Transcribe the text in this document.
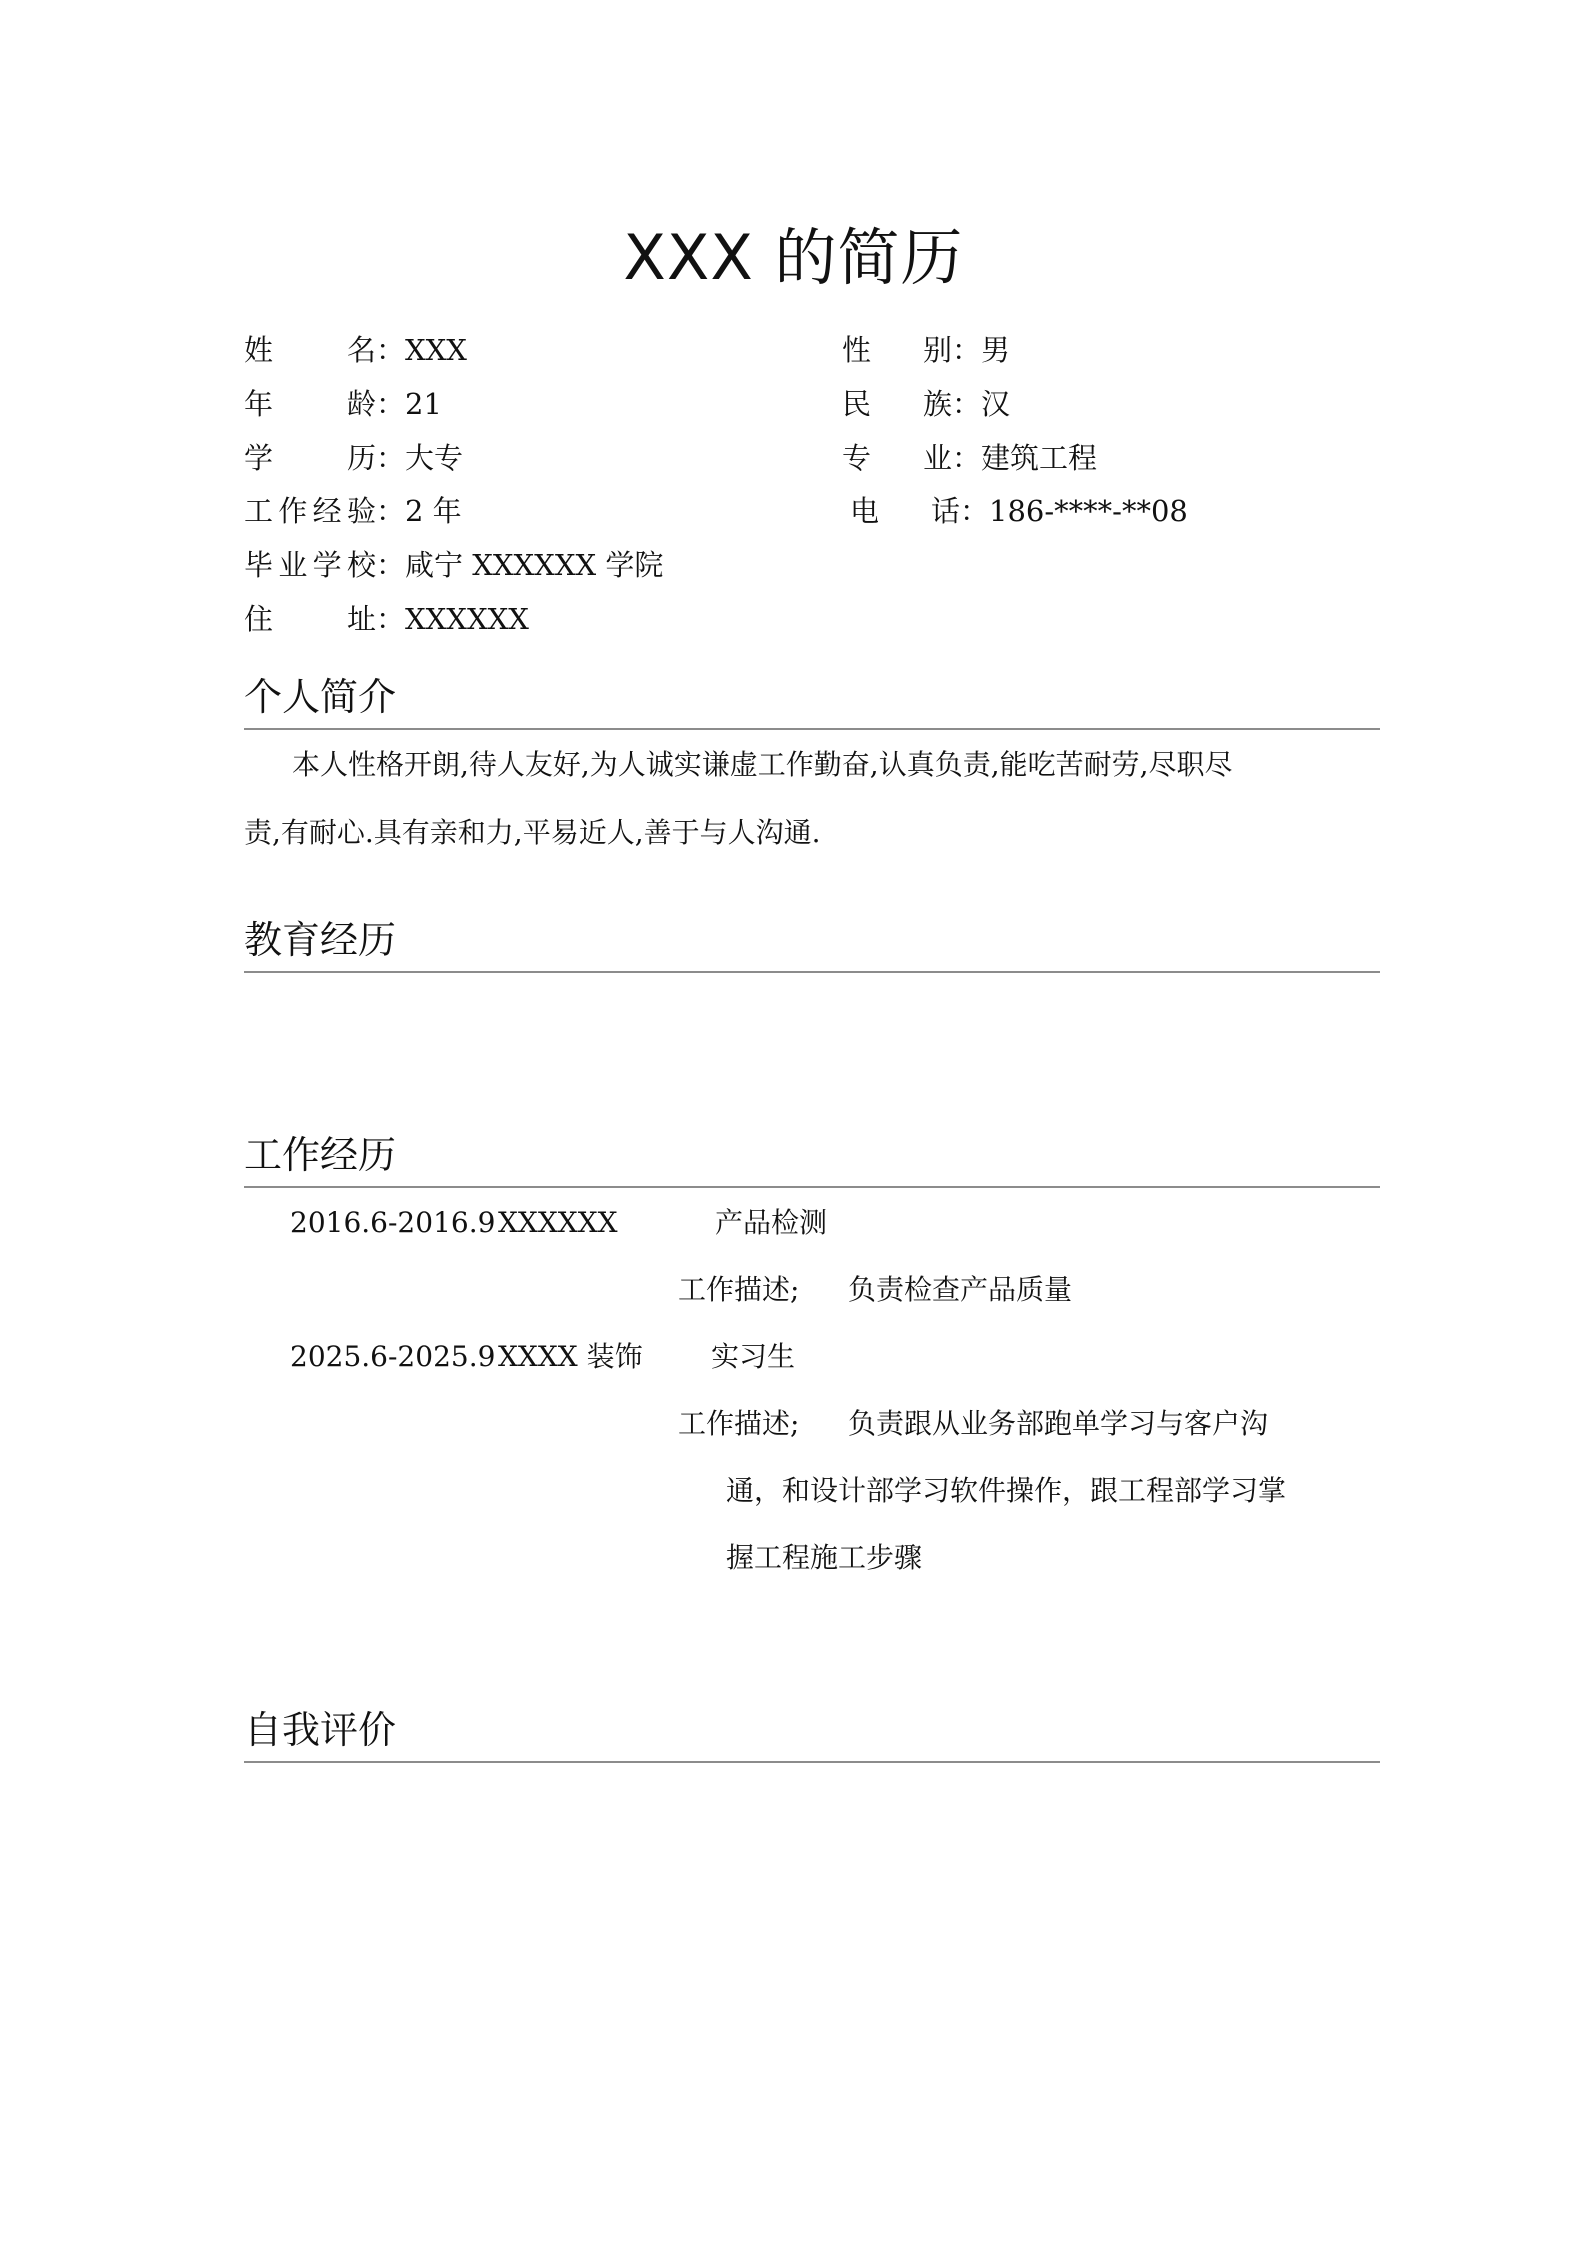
XXX 的简历
姓名：XXX
年龄：21
学历：大专
工作经验：2 年
毕业学校：咸宁 XXXXXX 学院
住址：XXXXXX
性别：男
民族：汉
专业：建筑工程
电话：186-****-**08
个人简介
本人性格开朗,待人友好,为人诚实谦虚工作勤奋,认真负责,能吃苦耐劳,尽职尽
责,有耐心.具有亲和力,平易近人,善于与人沟通.
教育经历
工作经历
2016.6-2016.9 XXXXXX	产品检测
工作描述; 负责检查产品质量
2025.6-2025.9 XXXX 装饰 实习生
工作描述; 负责跟从业务部跑单学习与客户沟
通，和设计部学习软件操作，跟工程部学习掌
握工程施工步骤
自我评价
